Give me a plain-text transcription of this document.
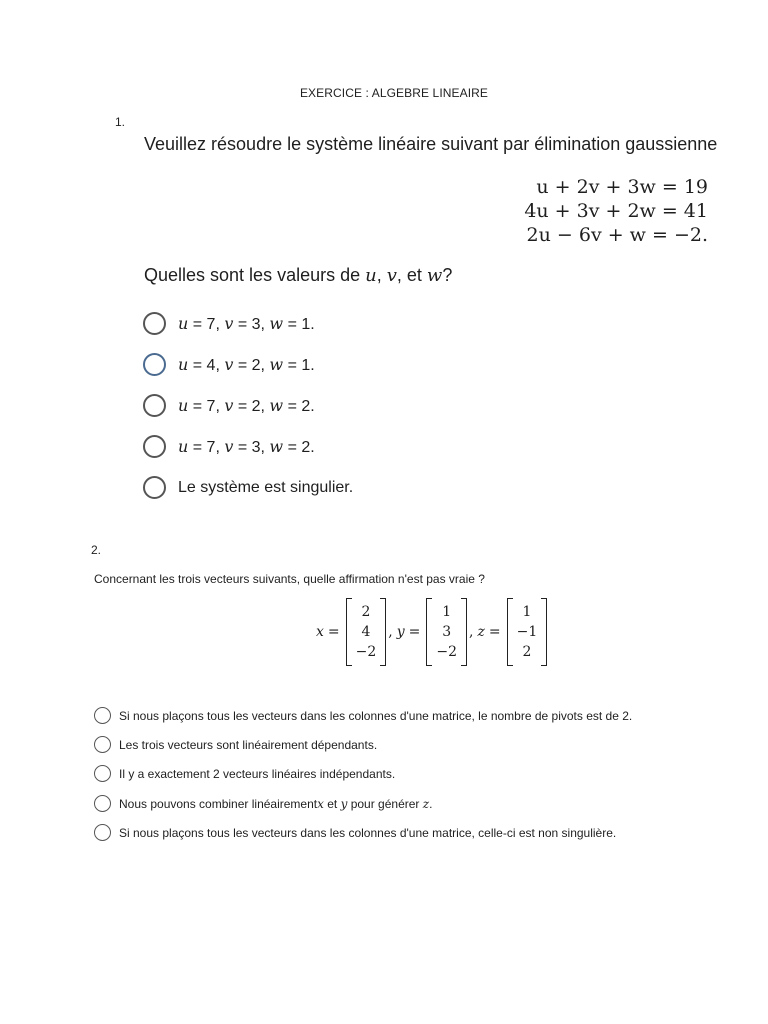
EXERCICE : ALGEBRE LINEAIRE
1.
Veuillez résoudre le système linéaire suivant par élimination gaussienne
u + 2v + 3w = 19
4u + 3v + 2w = 41
2u − 6v + w = −2.
Quelles sont les valeurs de u, v, et w?
u = 7, v = 3, w = 1.
u = 4, v = 2, w = 1.
u = 7, v = 2, w = 2.
u = 7, v = 3, w = 2.
Le système est singulier.
2.
Concernant les trois vecteurs suivants, quelle affirmation n'est pas vraie ?
x =
2
4
−2
, y =
1
3
−2
, z =
1
−1
2
Si nous plaçons tous les vecteurs dans les colonnes d'une matrice, le nombre de pivots est de 2.
Les trois vecteurs sont linéairement dépendants.
Il y a exactement 2 vecteurs linéaires indépendants.
Nous pouvons combiner linéairementx et y pour générer z.
Si nous plaçons tous les vecteurs dans les colonnes d'une matrice, celle-ci est non singulière.
